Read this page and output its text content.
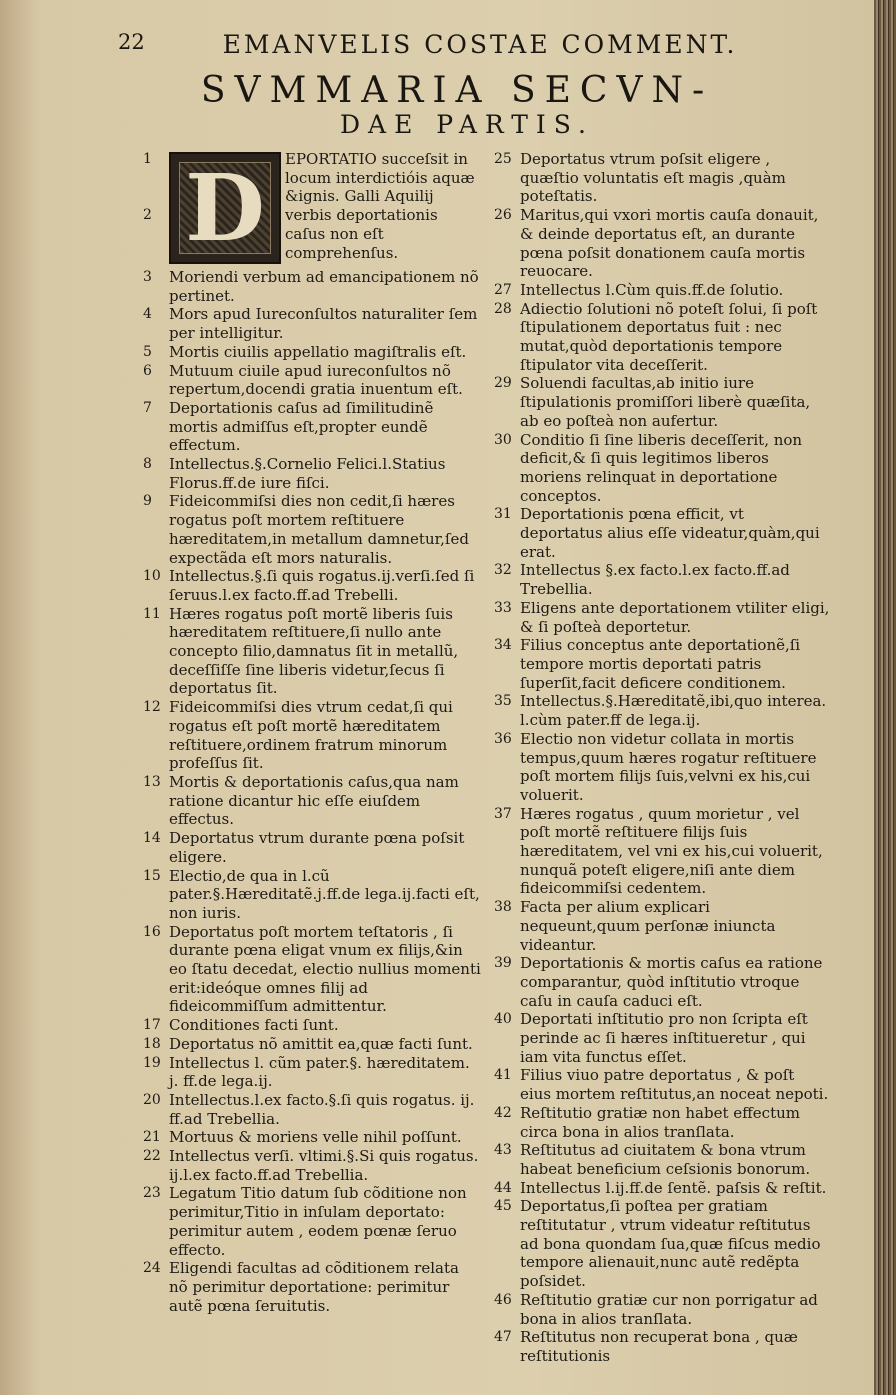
22	EMANVELIS COSTAE COMMENT.
SVMMARIA SECVN-
DAE PARTIS.
1
2 D EPORTATIO succeſsit in locum interdictióis aquæ &ignis. Galli Aquilij verbis deportationis caſus non eſt comprehenſus.
3	Moriendi verbum ad emancipationem nõ pertinet.
4	Mors apud Iureconſultos naturaliter ſem per intelligitur.
5	Mortis ciuilis appellatio magiſtralis eſt.
6	Mutuum ciuile apud iureconſultos nõ repertum,docendi gratia inuentum eſt.
7	Deportationis caſus ad ſimilitudinẽ mortis admiſſus eſt,propter eundẽ effectum.
8	Intellectus.§.Cornelio Felici.l.Statius Florus.ff.de iure fiſci.
9	Fideicommiſsi dies non cedit,ſi hæres rogatus poſt mortem reſtituere hæreditatem,in metallum damnetur,ſed expectãda eſt mors naturalis.
10 Intellectus.§.ſi quis rogatus.ij.verſi.ſed ſi ſeruus.l.ex facto.ff.ad Trebelli.
11 Hæres rogatus poſt mortẽ liberis ſuis hæreditatem reſtituere,ſi nullo ante concepto filio,damnatus ſit in metallũ, deceſſiſſe ſine liberis videtur,ſecus ſi deportatus ſit.
12 Fideicommiſsi dies vtrum cedat,ſi qui rogatus eſt poſt mortẽ hæreditatem reſtituere,ordinem fratrum minorum profeſſus ſit.
13 Mortis & deportationis caſus,qua nam ratione dicantur hic eſſe eiuſdem effectus.
14 Deportatus vtrum durante pœna poſsit eligere.
15 Electio,de qua in l.cũ pater.§.Hæreditatẽ.j.ff.de lega.ij.facti eſt, non iuris.
16 Deportatus poſt mortem teſtatoris , ſi durante pœna eligat vnum ex filijs,&in eo ſtatu decedat, electio nullius momenti erit:ideóque omnes filij ad fideicommiſſum admittentur.
17 Conditiones facti ſunt.
18 Deportatus nõ amittit ea,quæ facti ſunt.
19 Intellectus l. cũm pater.§. hæreditatem. j. ff.de lega.ij.
20 Intellectus.l.ex facto.§.ſi quis rogatus. ij. ff.ad Trebellia.
21 Mortuus & moriens velle nihil poſſunt.
22 Intellectus verſi. vltimi.§.Si quis rogatus. ij.l.ex facto.ff.ad Trebellia.
23 Legatum Titio datum ſub cõditione non perimitur,Titio in inſulam deportato: perimitur autem , eodem pœnæ ſeruo effecto.
24 Eligendi facultas ad cõditionem relata nõ perimitur deportatione: perimitur autẽ pœna ſeruitutis.
25 Deportatus vtrum poſsit eligere , quæſtio voluntatis eſt magis ,quàm poteſtatis.
26 Maritus,qui vxori mortis cauſa donauit, & deinde deportatus eſt, an durante pœna poſsit donationem cauſa mortis reuocare.
27 Intellectus l.Cùm quis.ff.de ſolutio.
28 Adiectio ſolutioni nõ poteſt ſolui, ſi poſt ſtipulationem deportatus fuit : nec mutat,quòd deportationis tempore ſtipulator vita deceſſerit.
29 Soluendi facultas,ab initio iure ſtipulationis promiſſori liberè quæſita, ab eo poſteà non aufertur.
30 Conditio ſi ſine liberis deceſſerit, non deficit,& ſi quis legitimos liberos moriens relinquat in deportatione conceptos.
31 Deportationis pœna efficit, vt deportatus alius eſſe videatur,quàm,qui erat.
32 Intellectus §.ex facto.l.ex facto.ff.ad Trebellia.
33 Eligens ante deportationem vtiliter eligi, & ſi poſteà deportetur.
34 Filius conceptus ante deportationẽ,ſi tempore mortis deportati patris ſuperſit,facit deficere conditionem.
35 Intellectus.§.Hæreditatẽ,ibi,quo interea. l.cùm pater.ff de lega.ij.
36 Electio non videtur collata in mortis tempus,quum hæres rogatur reſtituere poſt mortem filijs ſuis,velvni ex his,cui voluerit.
37 Hæres rogatus , quum morietur , vel poſt mortẽ reſtituere filijs ſuis hæreditatem, vel vni ex his,cui voluerit, nunquã poteſt eligere,niſi ante diem fideicommiſsi cedentem.
38 Facta per alium explicari nequeunt,quum perſonæ iniuncta videantur.
39 Deportationis & mortis caſus ea ratione comparantur, quòd inſtitutio vtroque caſu in cauſa caduci eſt.
40 Deportati inſtitutio pro non ſcripta eſt perinde ac ſi hæres inſtitueretur , qui iam vita functus eſſet.
41 Filius viuo patre deportatus , & poſt eius mortem reſtitutus,an noceat nepoti.
42 Reſtitutio gratiæ non habet effectum circa bona in alios tranſlata.
43 Reſtitutus ad ciuitatem & bona vtrum habeat beneficium ceſsionis bonorum.
44 Intellectus l.ij.ff.de ſentẽ. paſsis & reſtit.
45 Deportatus,ſi poſtea per gratiam reſtitutatur , vtrum videatur reſtitutus ad bona quondam ſua,quæ fiſcus medio tempore alienauit,nunc autẽ redẽpta poſsidet.
46 Reſtitutio gratiæ cur non porrigatur ad bona in alios tranſlata.
47 Reſtitutus non recuperat bona , quæ reſtitutionis
